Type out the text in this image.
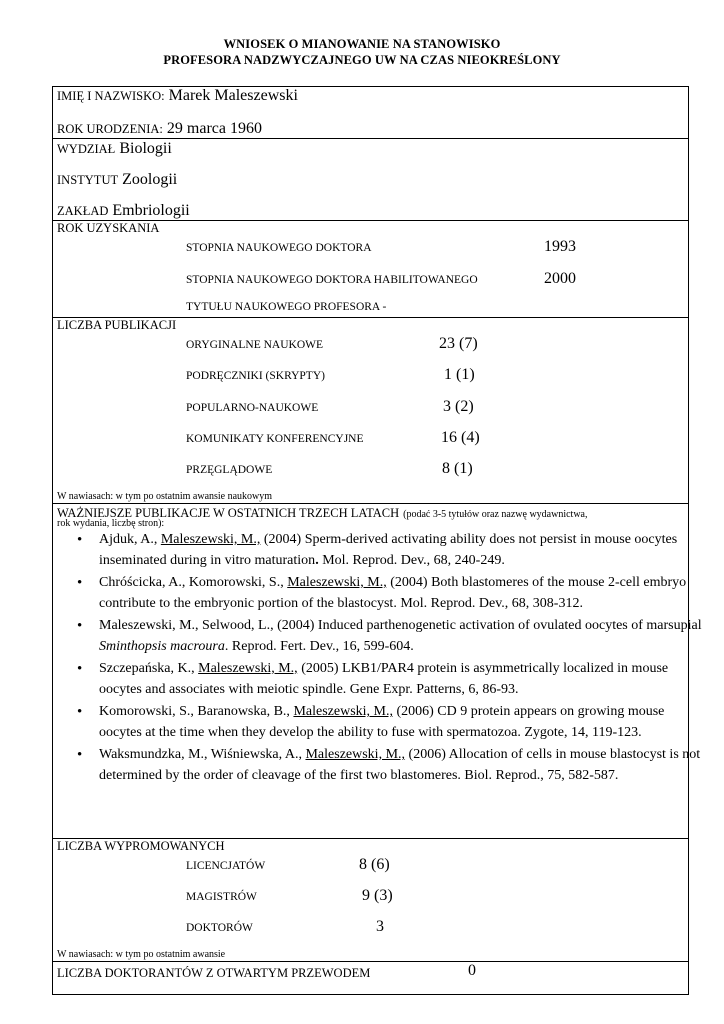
WNIOSEK O MIANOWANIE NA STANOWISKO
PROFESORA NADZWYCZAJNEGO UW NA CZAS NIEOKREŚLONY
IMIĘ I NAZWISKO: Marek Maleszewski
ROK URODZENIA: 29 marca 1960
WYDZIAŁ Biologii
INSTYTUT Zoologii
ZAKŁAD Embriologii
ROK UZYSKANIA
STOPNIA NAUKOWEGO DOKTORA	1993
STOPNIA NAUKOWEGO DOKTORA HABILITOWANEGO	2000
TYTUŁU NAUKOWEGO PROFESORA -
LICZBA PUBLIKACJI
ORYGINALNE NAUKOWE	23 (7)
PODRĘCZNIKI (SKRYPTY)	1 (1)
POPULARNO-NAUKOWE	3 (2)
KOMUNIKATY KONFERENCYJNE	16 (4)
PRZĘGLĄDOWE	8 (1)
W nawiasach: w tym po ostatnim awansie naukowym
WAŻNIEJSZE PUBLIKACJE W OSTATNICH TRZECH LATACH (podać 3-5 tytułów oraz nazwę wydawnictwa,
rok wydania, liczbę stron):
• Ajduk, A., Maleszewski, M., (2004) Sperm-derived activating ability does not persist in mouse oocytes inseminated during in vitro maturation. Mol. Reprod. Dev., 68, 240-249.
• Chróścicka, A., Komorowski, S., Maleszewski, M., (2004) Both blastomeres of the mouse 2-cell embryo contribute to the embryonic portion of the blastocyst. Mol. Reprod. Dev., 68, 308-312.
• Maleszewski, M., Selwood, L., (2004) Induced parthenogenetic activation of ovulated oocytes of marsupial Sminthopsis macroura. Reprod. Fert. Dev., 16, 599-604.
• Szczepańska, K., Maleszewski, M., (2005) LKB1/PAR4 protein is asymmetrically localized in mouse oocytes and associates with meiotic spindle. Gene Expr. Patterns, 6, 86-93.
• Komorowski, S., Baranowska, B., Maleszewski, M., (2006) CD 9 protein appears on growing mouse oocytes at the time when they develop the ability to fuse with spermatozoa. Zygote, 14, 119-123.
• Waksmundzka, M., Wiśniewska, A., Maleszewski, M., (2006) Allocation of cells in mouse blastocyst is not determined by the order of cleavage of the first two blastomeres. Biol. Reprod., 75, 582-587.
LICZBA WYPROMOWANYCH
LICENCJATÓW	8 (6)
MAGISTRÓW	9 (3)
DOKTORÓW	3
W nawiasach: w tym po ostatnim awansie
LICZBA DOKTORANTÓW Z OTWARTYM PRZEWODEM	0
